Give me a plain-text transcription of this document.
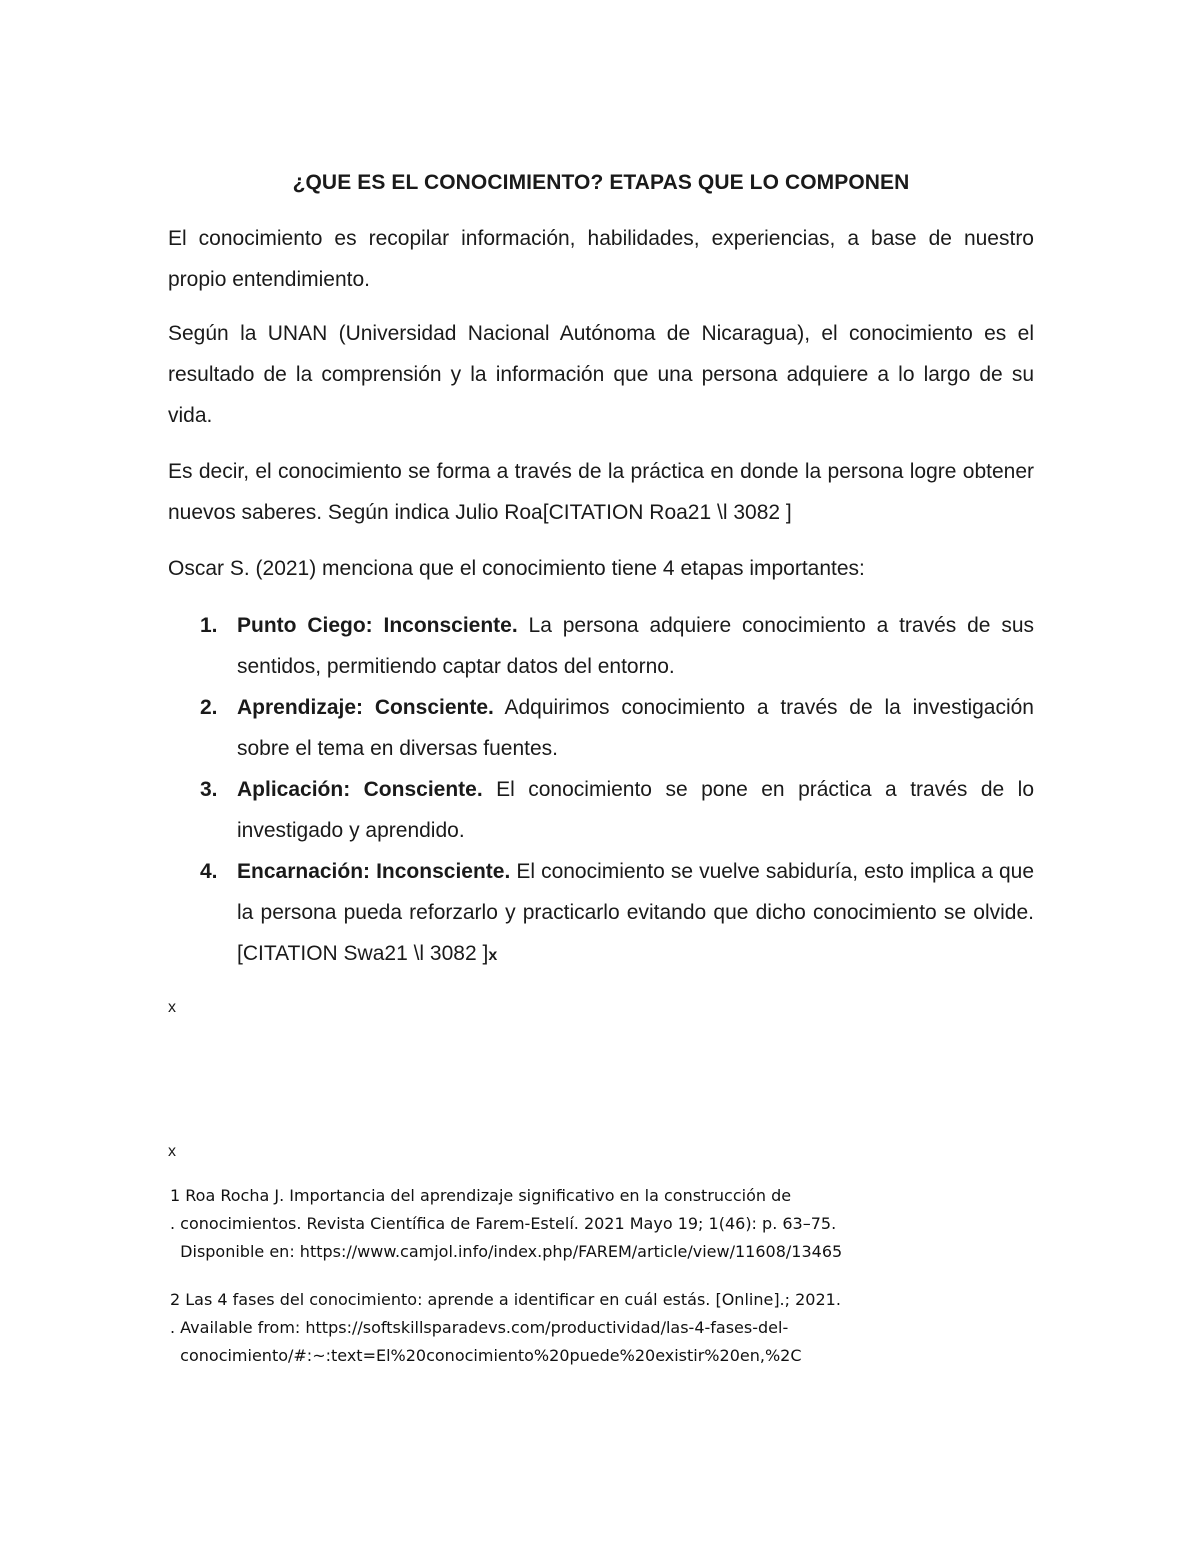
¿QUE ES EL CONOCIMIENTO? ETAPAS QUE LO COMPONEN
El conocimiento es recopilar información, habilidades, experiencias, a base de nuestro propio entendimiento.
Según la UNAN (Universidad Nacional Autónoma de Nicaragua), el conocimiento es el resultado de la comprensión y la información que una persona adquiere a lo largo de su vida.
Es decir, el conocimiento se forma a través de la práctica en donde la persona logre obtener nuevos saberes. Según indica Julio Roa[CITATION Roa21 \l 3082 ]
Oscar S. (2021) menciona que el conocimiento tiene 4 etapas importantes:
1. Punto Ciego: Inconsciente. La persona adquiere conocimiento a través de sus sentidos, permitiendo captar datos del entorno.
2. Aprendizaje: Consciente. Adquirimos conocimiento a través de la investigación sobre el tema en diversas fuentes.
3. Aplicación: Consciente. El conocimiento se pone en práctica a través de lo investigado y aprendido.
4. Encarnación: Inconsciente. El conocimiento se vuelve sabiduría, esto implica a que la persona pueda reforzarlo y practicarlo evitando que dicho conocimiento se olvide.[CITATION Swa21 \l 3082 ]x
x
x
1 Roa Rocha J. Importancia del aprendizaje significativo en la construcción de
. conocimientos. Revista Científica de Farem-Estelí. 2021 Mayo 19; 1(46): p. 63–75.
Disponible en: https://www.camjol.info/index.php/FAREM/article/view/11608/13465
2 Las 4 fases del conocimiento: aprende a identificar en cuál estás. [Online].; 2021.
. Available from: https://softskillsparadevs.com/productividad/las-4-fases-del-
conocimiento/#:~:text=El%20conocimiento%20puede%20existir%20en,%2C
